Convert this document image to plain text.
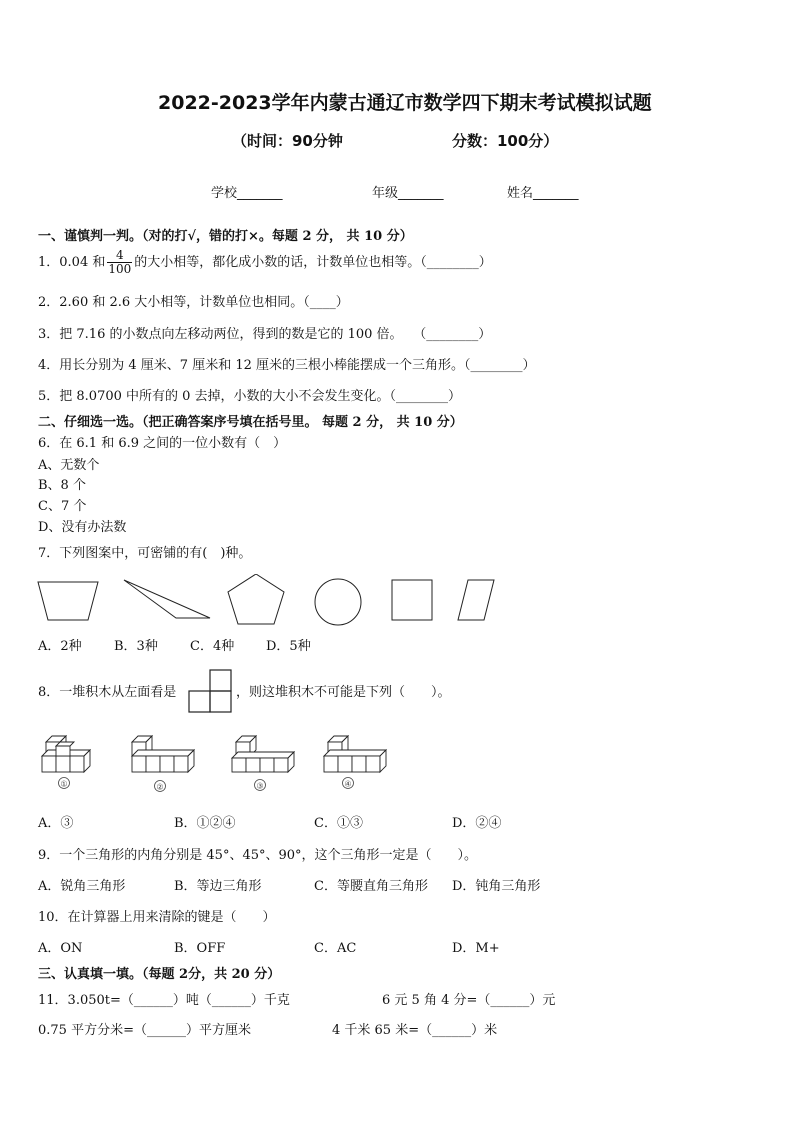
2022-2023学年内蒙古通辽市数学四下期末考试模拟试题
（时间：90分钟	分数：100分）
学校_______	年级_______	姓名_______
一、谨慎判一判。（对的打√，错的打×。每题 2 分， 共 10 分）
1．0.04 和 $\frac{4}{100}$ 的大小相等，都化成小数的话，计数单位也相等。（________）
2．2.60 和 2.6 大小相等，计数单位也相同。（____）
3．把 7.16 的小数点向左移动两位，得到的数是它的 100 倍。　 （________）
4．用长分别为 4 厘米、7 厘米和 12 厘米的三根小棒能摆成一个三角形。（________）
5．把 8.0700 中所有的 0 去掉，小数的大小不会发生变化。（________）
二、仔细选一选。（把正确答案序号填在括号里。 每题 2 分， 共 10 分）
6．在 6.1 和 6.9 之间的一位小数有（　）
A、无数个
B、8 个
C、7 个
D、没有办法数
7．下列图案中，可密铺的有(　)种。
A．2种 B．3种 C．4种 D．5种
8．一堆积木从左面看是	，则这堆积木不可能是下列（　　）。
①	②	③	④
A．③	B．①②④	C．①③	D．②④
9．一个三角形的内角分别是 45°、45°、90°，这个三角形一定是（　　）。
A．锐角三角形	B．等边三角形	C．等腰直角三角形 D．钝角三角形
10．在计算器上用来清除的键是（　　）
A．ON	B．OFF	C．AC	D．M+
三、认真填一填。（每题 2分，共 20 分）
11．3.050t=（______）吨（______）千克	6 元 5 角 4 分=（______）元
0.75 平方分米=（______）平方厘米	4 千米 65 米=（______）米
